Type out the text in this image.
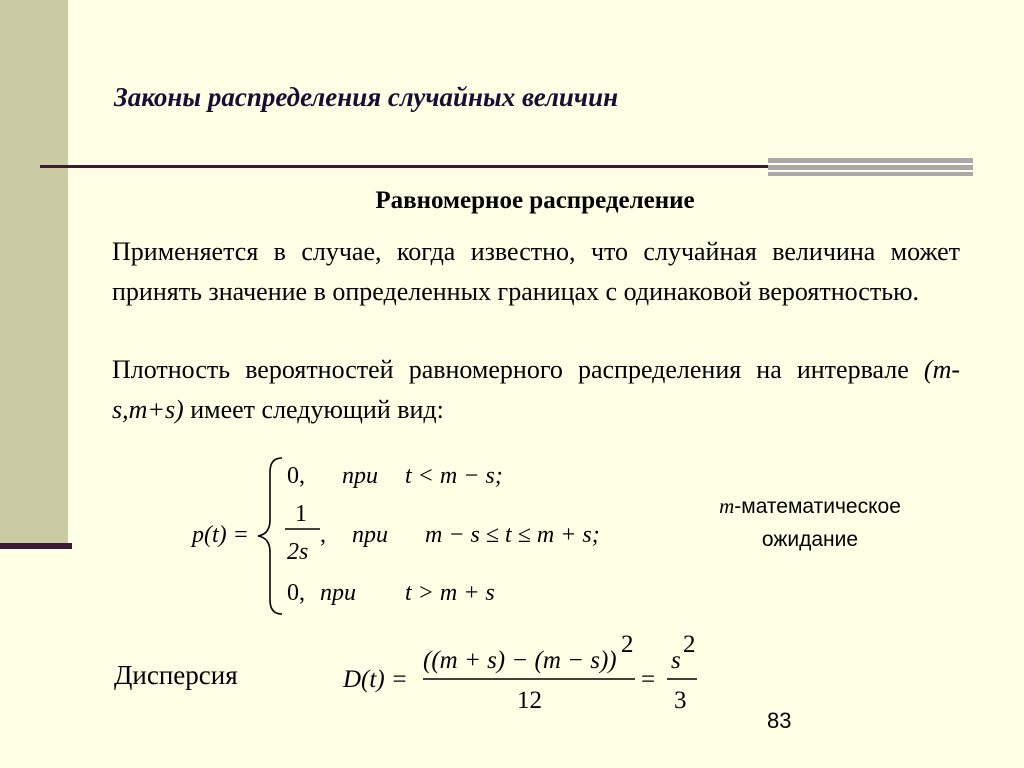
Законы распределения случайных величин
Равномерное распределение

Применяется в случае, когда известно, что случайная величина может принять значение в определенных границах с одинаковой вероятностью.

Плотность вероятностей равномерного распределения на интервале (m-s,m+s) имеет следующий вид:

p(t) =
0, при t < m − s;
1
2s
, при m − s ≤ t ≤ m + s;
0, при t > m + s
m-математическое
ожидание

Дисперсия	D(t) =
((m + s) − (m − s))
2
12
=
s
2
3
83
